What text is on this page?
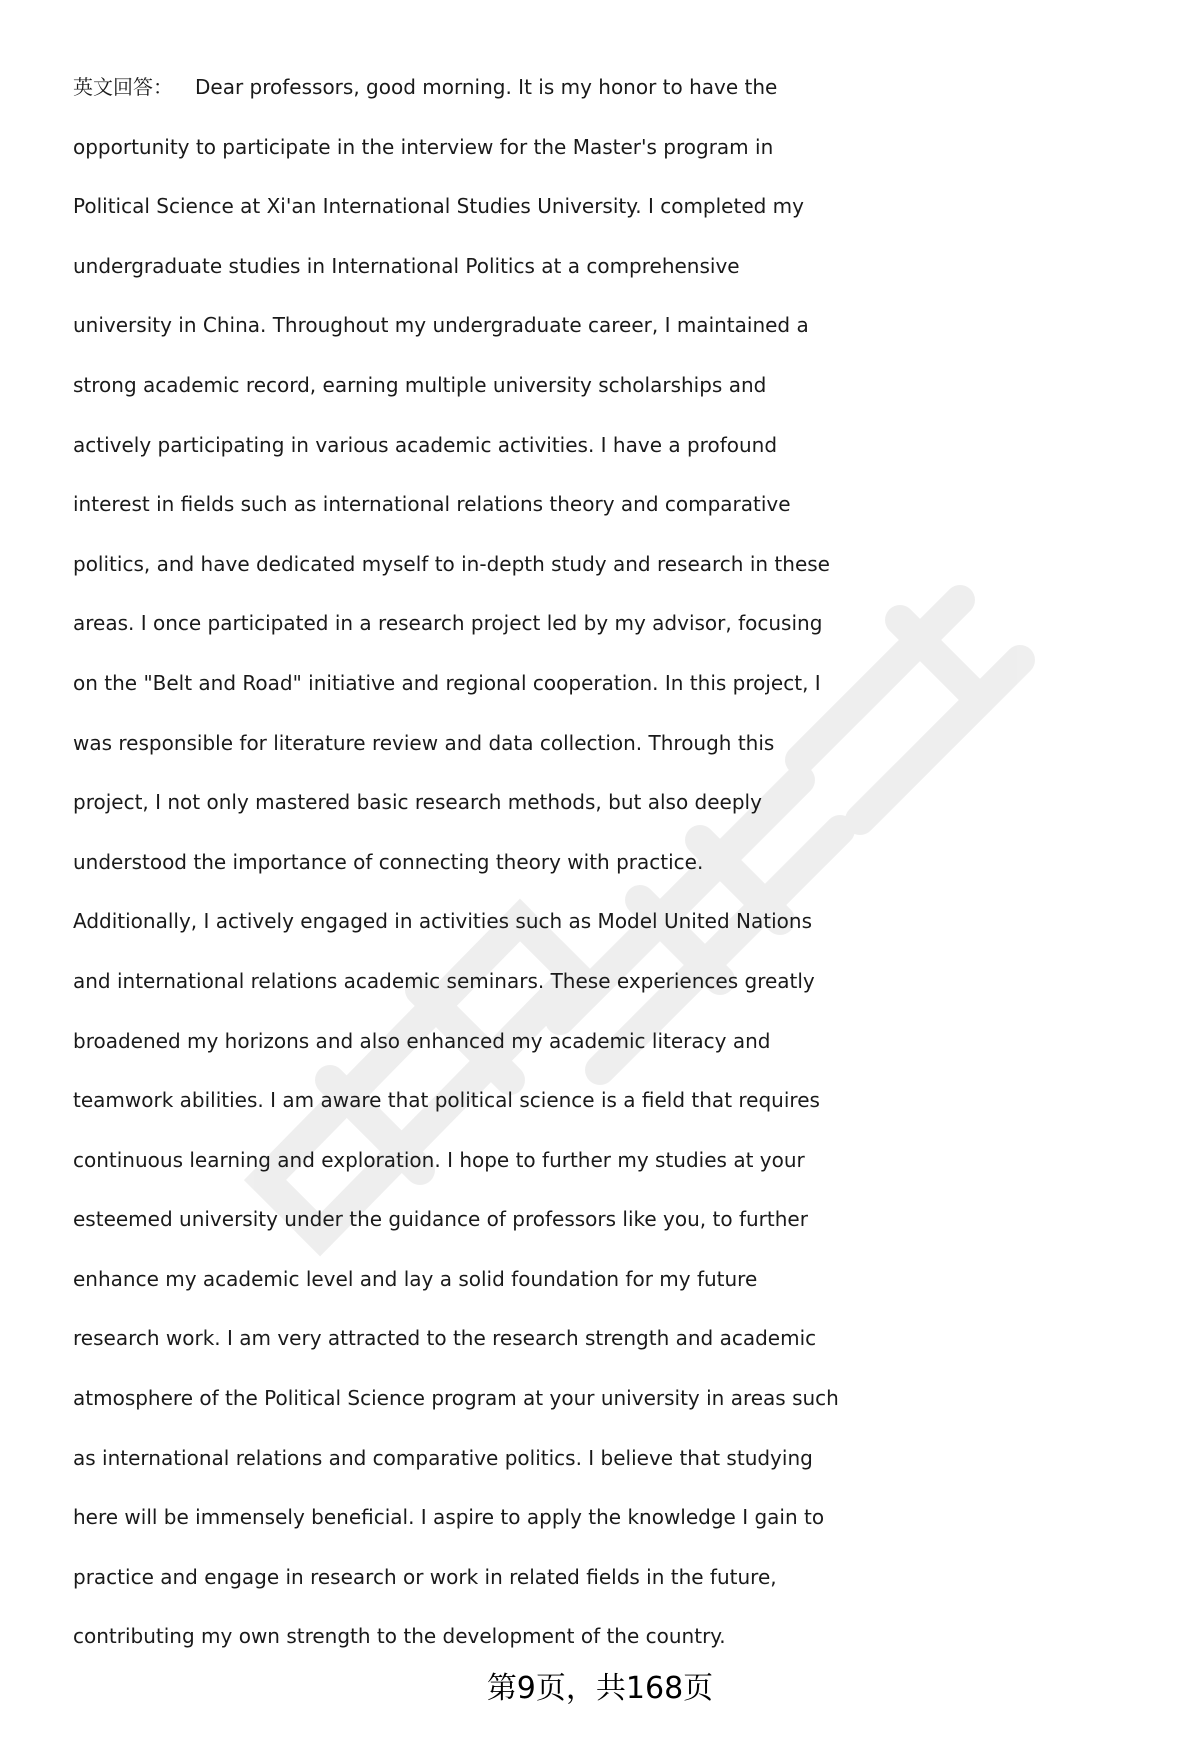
英文回答： Dear professors, good morning. It is my honor to have the
opportunity to participate in the interview for the Master's program in
Political Science at Xi'an International Studies University. I completed my
undergraduate studies in International Politics at a comprehensive
university in China. Throughout my undergraduate career, I maintained a
strong academic record, earning multiple university scholarships and
actively participating in various academic activities. I have a profound
interest in fields such as international relations theory and comparative
politics, and have dedicated myself to in-depth study and research in these
areas. I once participated in a research project led by my advisor, focusing
on the "Belt and Road" initiative and regional cooperation. In this project, I
was responsible for literature review and data collection. Through this
project, I not only mastered basic research methods, but also deeply
understood the importance of connecting theory with practice.
Additionally, I actively engaged in activities such as Model United Nations
and international relations academic seminars. These experiences greatly
broadened my horizons and also enhanced my academic literacy and
teamwork abilities. I am aware that political science is a field that requires
continuous learning and exploration. I hope to further my studies at your
esteemed university under the guidance of professors like you, to further
enhance my academic level and lay a solid foundation for my future
research work. I am very attracted to the research strength and academic
atmosphere of the Political Science program at your university in areas such
as international relations and comparative politics. I believe that studying
here will be immensely beneficial. I aspire to apply the knowledge I gain to
practice and engage in research or work in related fields in the future,
contributing my own strength to the development of the country.
第9页，共168页
